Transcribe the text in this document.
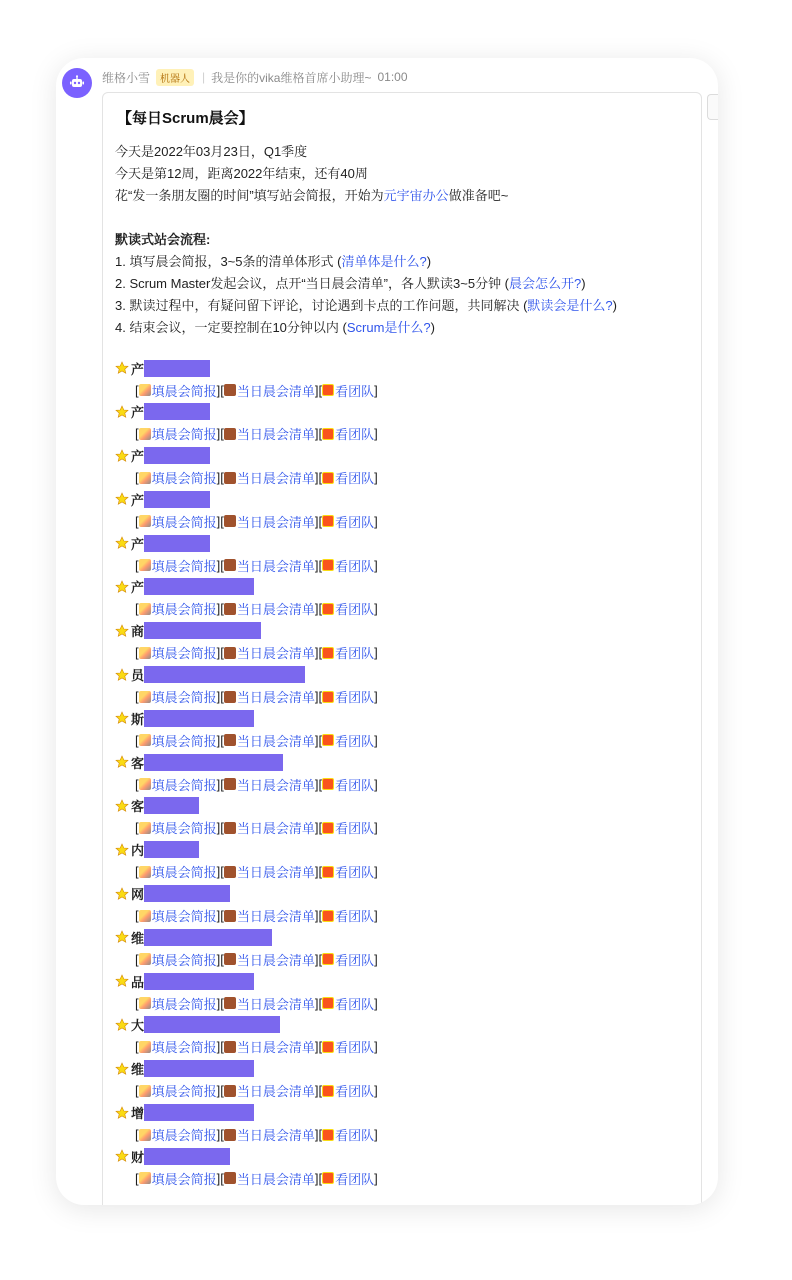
维格小雪	机器人	| 我是你的vika维格首席小助理~ 01:00
【每日Scrum晨会】
今天是2022年03月23日，Q1季度
今天是第12周，距离2022年结束，还有40周
花“发一条朋友圈的时间”填写站会简报，开始为元宇宙办公做准备吧~
默读式站会流程:
1. 填写晨会简报，3~5条的清单体形式 (清单体是什么?)
2. Scrum Master发起会议，点开“当日晨会清单”，各人默读3~5分钟 (晨会怎么开?)
3. 默读过程中，有疑问留下评论，讨论遇到卡点的工作问题，共同解决 (默读会是什么?)
4. 结束会议，一定要控制在10分钟以内 (Scrum是什么?)
产
[ 填晨会简报 ][ 当日晨会清单 ][ 看团队 ]
产
[ 填晨会简报 ][ 当日晨会清单 ][ 看团队 ]
产
[ 填晨会简报 ][ 当日晨会清单 ][ 看团队 ]
产
[ 填晨会简报 ][ 当日晨会清单 ][ 看团队 ]
产
[ 填晨会简报 ][ 当日晨会清单 ][ 看团队 ]
产
[ 填晨会简报 ][ 当日晨会清单 ][ 看团队 ]
商
[ 填晨会简报 ][ 当日晨会清单 ][ 看团队 ]
员
[ 填晨会简报 ][ 当日晨会清单 ][ 看团队 ]
斯
[ 填晨会简报 ][ 当日晨会清单 ][ 看团队 ]
客
[ 填晨会简报 ][ 当日晨会清单 ][ 看团队 ]
客
[ 填晨会简报 ][ 当日晨会清单 ][ 看团队 ]
内
[ 填晨会简报 ][ 当日晨会清单 ][ 看团队 ]
网
[ 填晨会简报 ][ 当日晨会清单 ][ 看团队 ]
维
[ 填晨会简报 ][ 当日晨会清单 ][ 看团队 ]
品
[ 填晨会简报 ][ 当日晨会清单 ][ 看团队 ]
大
[ 填晨会简报 ][ 当日晨会清单 ][ 看团队 ]
维
[ 填晨会简报 ][ 当日晨会清单 ][ 看团队 ]
增
[ 填晨会简报 ][ 当日晨会清单 ][ 看团队 ]
财
[ 填晨会简报 ][ 当日晨会清单 ][ 看团队 ]
